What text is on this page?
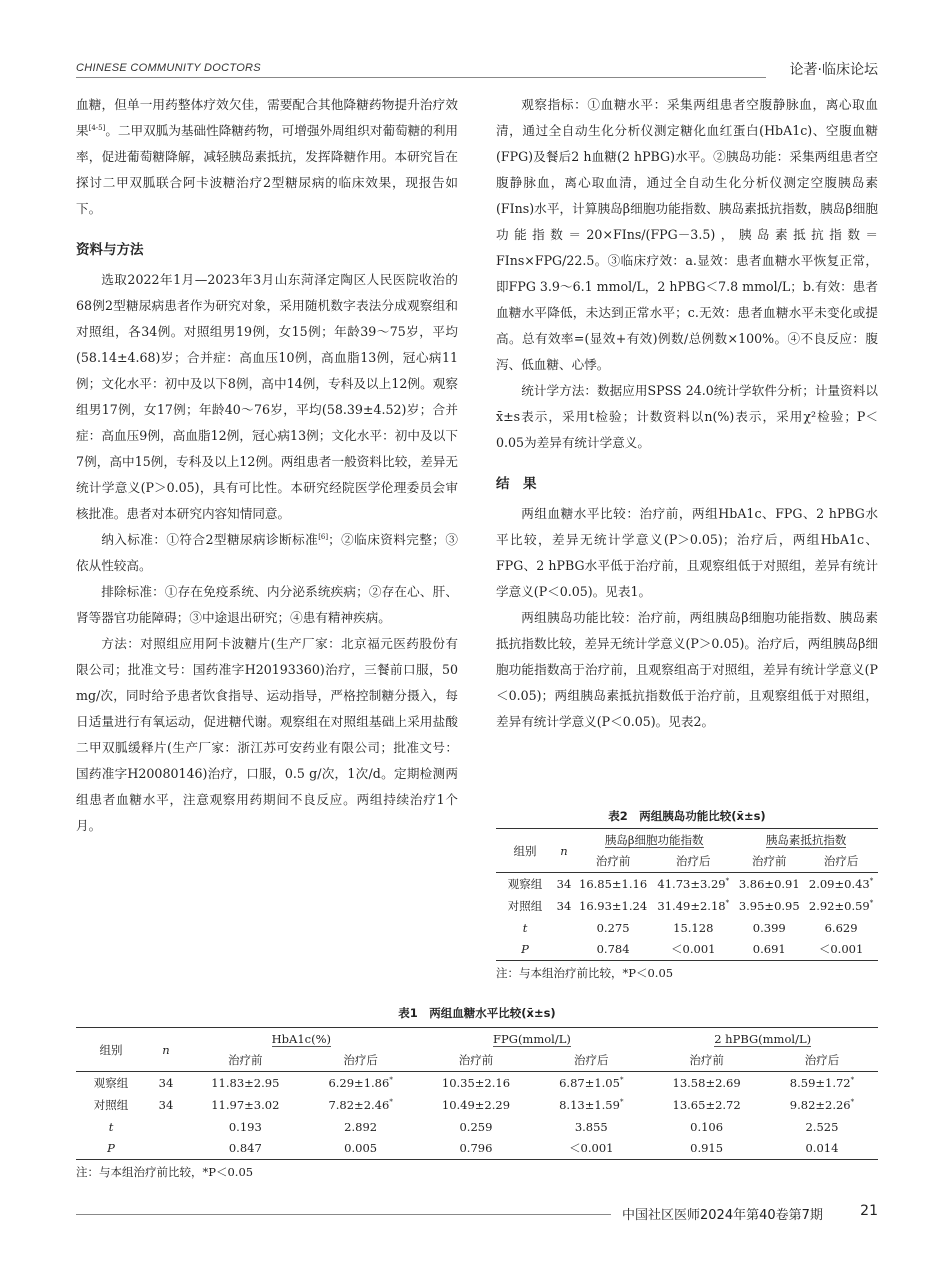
CHINESE COMMUNITY DOCTORS	论著·临床论坛

血糖，但单一用药整体疗效欠佳，需要配合其他降糖药物提升治疗效果[4-5]。二甲双胍为基础性降糖药物，可增强外周组织对葡萄糖的利用率，促进葡萄糖降解，减轻胰岛素抵抗，发挥降糖作用。本研究旨在探讨二甲双胍联合阿卡波糖治疗2型糖尿病的临床效果，现报告如下。

资料与方法

选取2022年1月—2023年3月山东菏泽定陶区人民医院收治的68例2型糖尿病患者作为研究对象，采用随机数字表法分成观察组和对照组，各34例。对照组男19例，女15例；年龄39～75岁，平均(58.14±4.68)岁；合并症：高血压10例，高血脂13例，冠心病11例；文化水平：初中及以下8例，高中14例，专科及以上12例。观察组男17例，女17例；年龄40～76岁，平均(58.39±4.52)岁；合并症：高血压9例，高血脂12例，冠心病13例；文化水平：初中及以下7例，高中15例，专科及以上12例。两组患者一般资料比较，差异无统计学意义(P＞0.05)，具有可比性。本研究经院医学伦理委员会审核批准。患者对本研究内容知情同意。

纳入标准：①符合2型糖尿病诊断标准[6]；②临床资料完整；③依从性较高。

排除标准：①存在免疫系统、内分泌系统疾病；②存在心、肝、肾等器官功能障碍；③中途退出研究；④患有精神疾病。

方法：对照组应用阿卡波糖片(生产厂家：北京福元医药股份有限公司；批准文号：国药准字H20193360)治疗，三餐前口服，50 mg/次，同时给予患者饮食指导、运动指导，严格控制糖分摄入，每日适量进行有氧运动，促进糖代谢。观察组在对照组基础上采用盐酸二甲双胍缓释片(生产厂家：浙江苏可安药业有限公司；批准文号：国药准字H20080146)治疗，口服，0.5 g/次，1次/d。定期检测两组患者血糖水平，注意观察用药期间不良反应。两组持续治疗1个月。

观察指标：①血糖水平：采集两组患者空腹静脉血，离心取血清，通过全自动生化分析仪测定糖化血红蛋白(HbA1c)、空腹血糖(FPG)及餐后2 h血糖(2 hPBG)水平。②胰岛功能：采集两组患者空腹静脉血，离心取血清，通过全自动生化分析仪测定空腹胰岛素(FIns)水平，计算胰岛β细胞功能指数、胰岛素抵抗指数，胰岛β细胞功能指数＝20×FIns/(FPG－3.5)，胰岛素抵抗指数＝FIns×FPG/22.5。③临床疗效：a.显效：患者血糖水平恢复正常，即FPG 3.9～6.1 mmol/L，2 hPBG＜7.8 mmol/L；b.有效：患者血糖水平降低，未达到正常水平；c.无效：患者血糖水平未变化或提高。总有效率=(显效+有效)例数/总例数×100%。④不良反应：腹泻、低血糖、心悸。

统计学方法：数据应用SPSS 24.0统计学软件分析；计量资料以x̄±s表示，采用t检验；计数资料以n(%)表示，采用χ²检验；P＜0.05为差异有统计学意义。

结　果

两组血糖水平比较：治疗前，两组HbA1c、FPG、2 hPBG水平比较，差异无统计学意义(P＞0.05)；治疗后，两组HbA1c、FPG、2 hPBG水平低于治疗前，且观察组低于对照组，差异有统计学意义(P＜0.05)。见表1。

两组胰岛功能比较：治疗前，两组胰岛β细胞功能指数、胰岛素抵抗指数比较，差异无统计学意义(P＞0.05)。治疗后，两组胰岛β细胞功能指数高于治疗前，且观察组高于对照组，差异有统计学意义(P＜0.05)；两组胰岛素抵抗指数低于治疗前，且观察组低于对照组，差异有统计学意义(P＜0.05)。见表2。

表2　两组胰岛功能比较(x̄±s)
组别	n	胰岛β细胞功能指数		胰岛素抵抗指数	
		治疗前	治疗后	治疗前	治疗后
观察组	34	16.85±1.16	41.73±3.29*	3.86±0.91	2.09±0.43*
对照组	34	16.93±1.24	31.49±2.18*	3.95±0.95	2.92±0.59*
t		0.275	15.128	0.399	6.629
P		0.784	＜0.001	0.691	＜0.001
注：与本组治疗前比较，*P＜0.05
表1　两组血糖水平比较(x̄±s)
组别	n	HbA1c(%)		FPG(mmol/L)		2 hPBG(mmol/L)	
		治疗前	治疗后	治疗前	治疗后	治疗前	治疗后
观察组	34	11.83±2.95	6.29±1.86*	10.35±2.16	6.87±1.05*	13.58±2.69	8.59±1.72*
对照组	34	11.97±3.02	7.82±2.46*	10.49±2.29	8.13±1.59*	13.65±2.72	9.82±2.26*
t		0.193	2.892	0.259	3.855	0.106	2.525
P		0.847	0.005	0.796	＜0.001	0.915	0.014
注：与本组治疗前比较，*P＜0.05
中国社区医师2024年第40卷第7期	21
